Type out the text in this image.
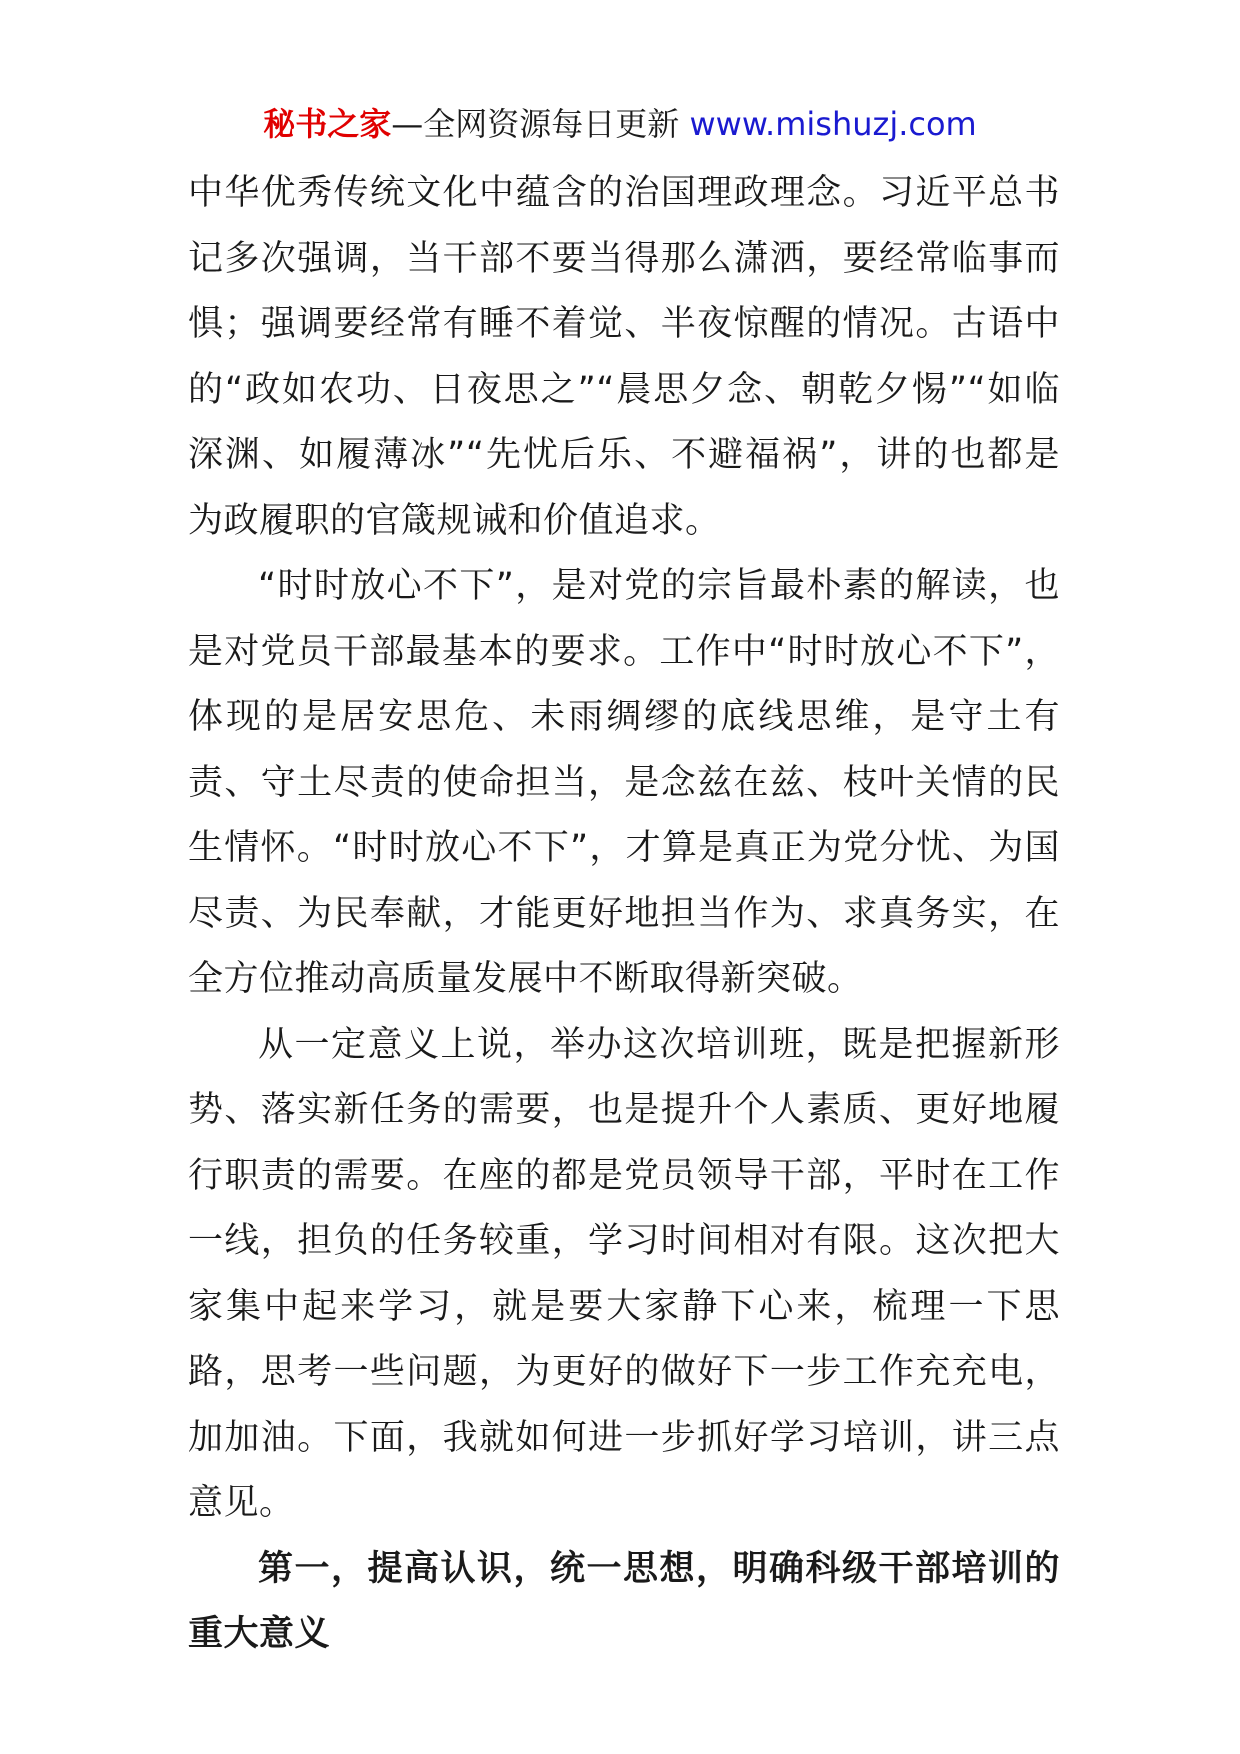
秘书之家—全网资源每日更新 www.mishuzj.com

中华优秀传统文化中蕴含的治国理政理念。习近平总书记多次强调，当干部不要当得那么潇洒，要经常临事而惧；强调要经常有睡不着觉、半夜惊醒的情况。古语中的“政如农功、日夜思之”“晨思夕念、朝乾夕惕”“如临深渊、如履薄冰”“先忧后乐、不避福祸”，讲的也都是为政履职的官箴规诫和价值追求。

“时时放心不下”，是对党的宗旨最朴素的解读，也是对党员干部最基本的要求。工作中“时时放心不下”，体现的是居安思危、未雨绸缪的底线思维，是守土有责、守土尽责的使命担当，是念兹在兹、枝叶关情的民生情怀。“时时放心不下”，才算是真正为党分忧、为国尽责、为民奉献，才能更好地担当作为、求真务实，在全方位推动高质量发展中不断取得新突破。

从一定意义上说，举办这次培训班，既是把握新形势、落实新任务的需要，也是提升个人素质、更好地履行职责的需要。在座的都是党员领导干部，平时在工作一线，担负的任务较重，学习时间相对有限。这次把大家集中起来学习，就是要大家静下心来，梳理一下思路，思考一些问题，为更好的做好下一步工作充充电，加加油。下面，我就如何进一步抓好学习培训，讲三点意见。

第一，提高认识，统一思想，明确科级干部培训的重大意义
